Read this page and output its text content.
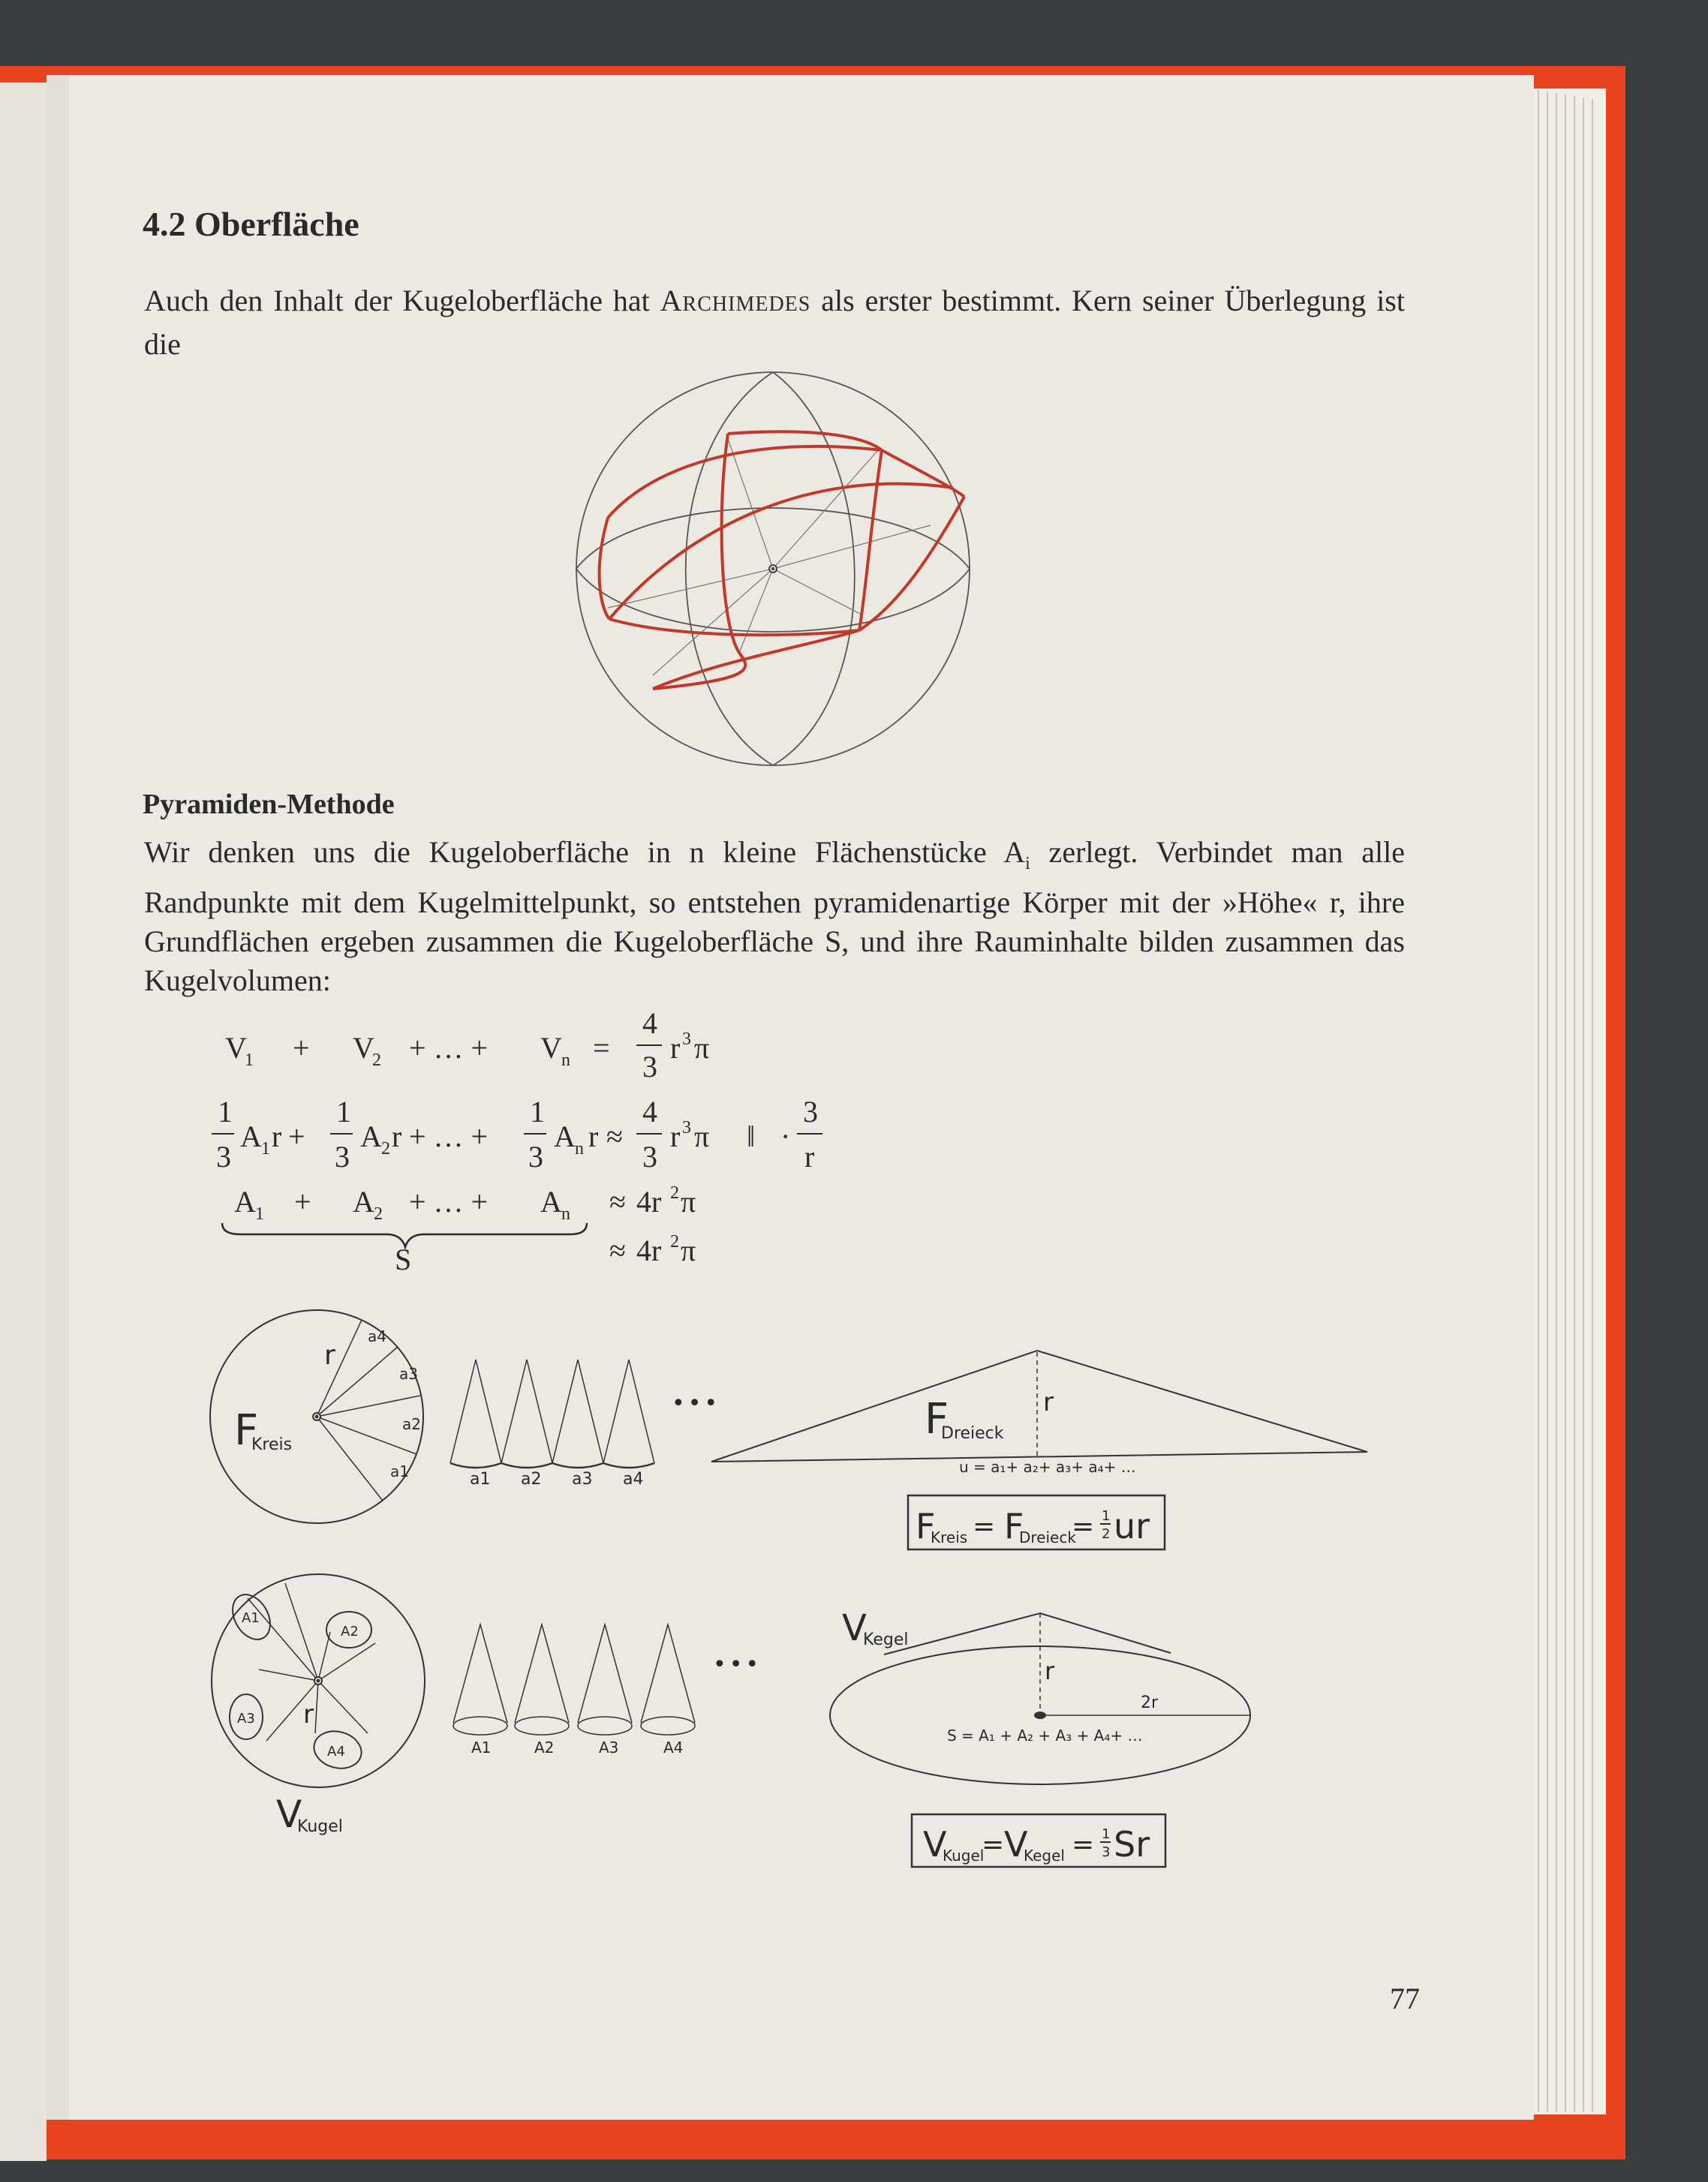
V
1 + V
2 + … + V n =
4
3
r 3 π
1
3
A 1 r +
1
3
A 2 r + … +
1
3
A n r ≈
4
3
r 3 π ‖ ·
3
r
A 1 + A 2 + … + A n ≈ 4r 2 π
S	≈ 4r 2 π
r
F
Kreis
a4
a3
a2
a1	a1 a2 a3 a4
•••	r
F
Dreieck
u = a₁+ a₂+ a₃+ a₄+ …
F
Kreis = F
Dreieck
= 1
2 ur
A1
A2
A3
A4
r
V
Kugel
A1	A2	A3	A4
•••
V
Kegel
r
2r
S = A₁ + A₂ + A₃ + A₄+ …
V
Kugel
= V
Kegel = 1
3 Sr
4.2 Oberfläche

Auch den Inhalt der Kugeloberfläche hat Archimedes als erster bestimmt. Kern seiner Überlegung ist die

Pyramiden-Methode

Wir denken uns die Kugeloberfläche in n kleine Flächenstücke $A_i$ zerlegt. Verbindet man alle Randpunkte mit dem Kugelmittelpunkt, so entstehen pyramidenartige Körper mit der »Höhe« r, ihre Grundflächen ergeben zusammen die Kugeloberfläche S, und ihre Rauminhalte bilden zusammen das Kugelvolumen:

77
